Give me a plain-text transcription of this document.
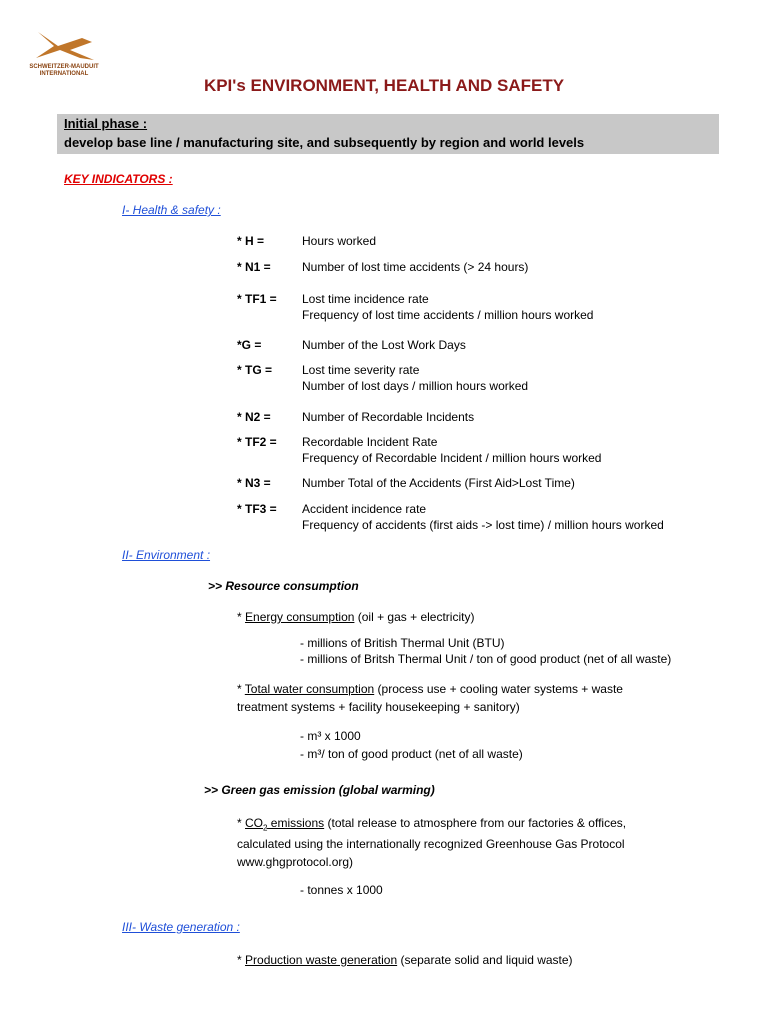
SCHWEITZER-MAUDUIT
INTERNATIONAL
KPI's ENVIRONMENT, HEALTH AND SAFETY
Initial phase :
develop base line / manufacturing site, and subsequently by region and world levels
KEY INDICATORS :
I- Health & safety :
* H =	Hours worked
* N1 =	Number of lost time accidents (> 24 hours)
* TF1 = Lost time incidence rate
Frequency of lost time accidents / million hours worked
*G =	Number of the Lost Work Days
* TG = Lost time severity rate
Number of lost days / million hours worked
* N2 =	Number of Recordable Incidents
* TF2 = Recordable Incident Rate
Frequency of Recordable Incident / million hours worked
* N3 =	Number Total of the Accidents (First Aid>Lost Time)
* TF3 = Accident incidence rate
Frequency of accidents (first aids -> lost time) / million hours worked
II- Environment :
>> Resource consumption
* Energy consumption (oil + gas + electricity)
- millions of British Thermal Unit (BTU)
- millions of Britsh Thermal Unit / ton of good product (net of all waste)
* Total water consumption (process use + cooling water systems + waste
treatment systems + facility housekeeping + sanitory)
- m³ x 1000
- m³/ ton of good product (net of all waste)
>> Green gas emission (global warming)
* $CO_2$ emissions (total release to atmosphere from our factories & offices,
calculated using the internationally recognized Greenhouse Gas Protocol
www.ghgprotocol.org)
- tonnes x 1000
III- Waste generation :
* Production waste generation (separate solid and liquid waste)
